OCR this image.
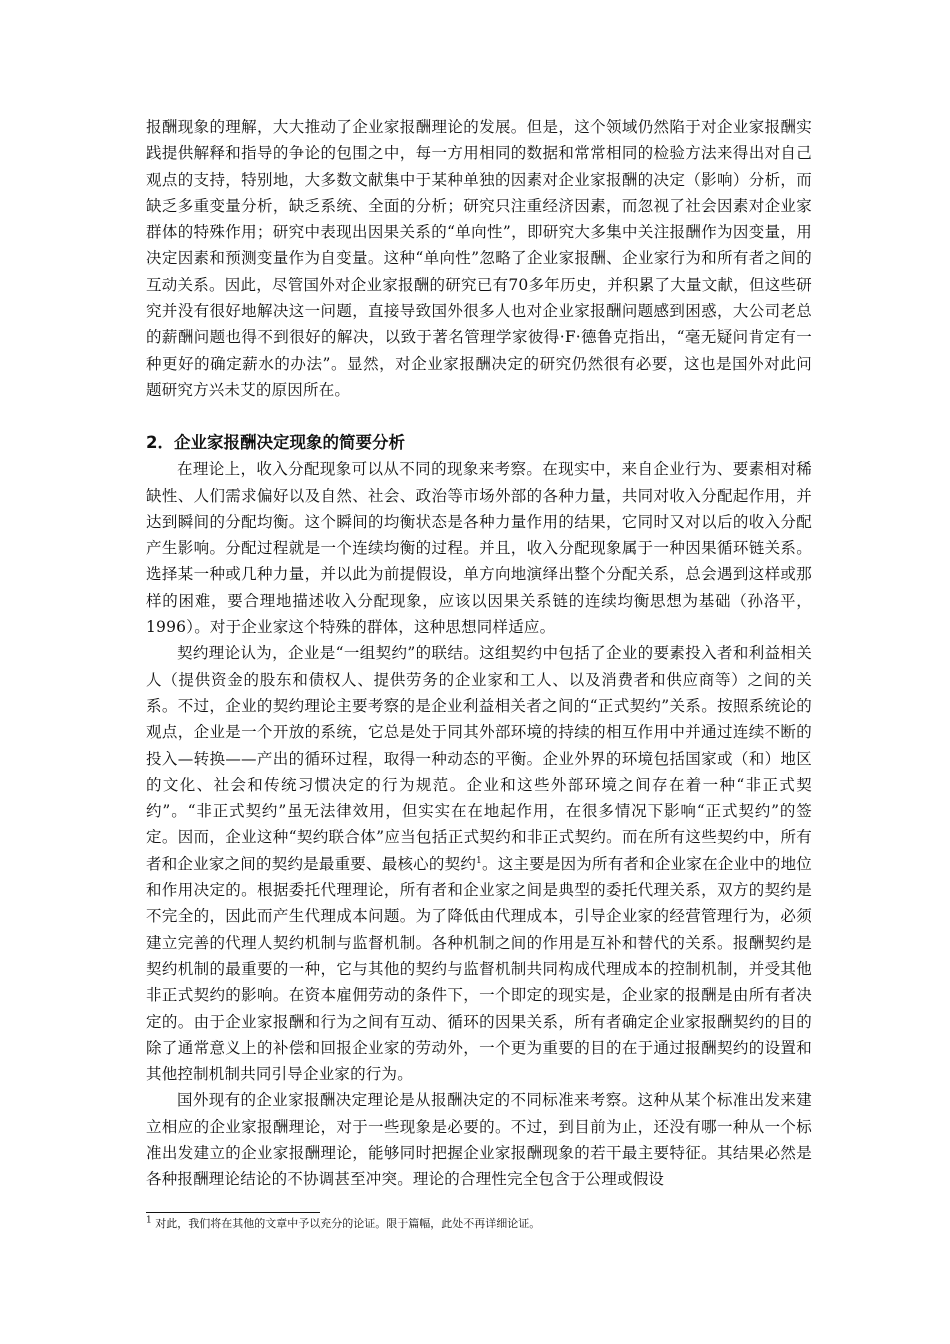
报酬现象的理解，大大推动了企业家报酬理论的发展。但是，这个领域仍然陷于对企业家报酬实践提供解释和指导的争论的包围之中，每一方用相同的数据和常常相同的检验方法来得出对自己观点的支持，特别地，大多数文献集中于某种单独的因素对企业家报酬的决定（影响）分析，而缺乏多重变量分析，缺乏系统、全面的分析；研究只注重经济因素，而忽视了社会因素对企业家群体的特殊作用；研究中表现出因果关系的“单向性”，即研究大多集中关注报酬作为因变量，用决定因素和预测变量作为自变量。这种“单向性”忽略了企业家报酬、企业家行为和所有者之间的互动关系。因此，尽管国外对企业家报酬的研究已有70多年历史，并积累了大量文献，但这些研究并没有很好地解决这一问题，直接导致国外很多人也对企业家报酬问题感到困惑，大公司老总的薪酬问题也得不到很好的解决，以致于著名管理学家彼得·F·德鲁克指出，“毫无疑问肯定有一种更好的确定薪水的办法”。显然，对企业家报酬决定的研究仍然很有必要，这也是国外对此问题研究方兴未艾的原因所在。

2．企业家报酬决定现象的简要分析

在理论上，收入分配现象可以从不同的现象来考察。在现实中，来自企业行为、要素相对稀缺性、人们需求偏好以及自然、社会、政治等市场外部的各种力量，共同对收入分配起作用，并达到瞬间的分配均衡。这个瞬间的均衡状态是各种力量作用的结果，它同时又对以后的收入分配产生影响。分配过程就是一个连续均衡的过程。并且，收入分配现象属于一种因果循环链关系。选择某一种或几种力量，并以此为前提假设，单方向地演绎出整个分配关系，总会遇到这样或那样的困难，要合理地描述收入分配现象，应该以因果关系链的连续均衡思想为基础（孙洛平，1996）。对于企业家这个特殊的群体，这种思想同样适应。

契约理论认为，企业是“一组契约”的联结。这组契约中包括了企业的要素投入者和利益相关人（提供资金的股东和债权人、提供劳务的企业家和工人、以及消费者和供应商等）之间的关系。不过，企业的契约理论主要考察的是企业利益相关者之间的“正式契约”关系。按照系统论的观点，企业是一个开放的系统，它总是处于同其外部环境的持续的相互作用中并通过连续不断的投入—转换——产出的循环过程，取得一种动态的平衡。企业外界的环境包括国家或（和）地区的文化、社会和传统习惯决定的行为规范。企业和这些外部环境之间存在着一种“非正式契约”。“非正式契约”虽无法律效用，但实实在在地起作用，在很多情况下影响“正式契约”的签定。因而，企业这种“契约联合体”应当包括正式契约和非正式契约。而在所有这些契约中，所有者和企业家之间的契约是最重要、最核心的契约$^1$。这主要是因为所有者和企业家在企业中的地位和作用决定的。根据委托代理理论，所有者和企业家之间是典型的委托代理关系，双方的契约是不完全的，因此而产生代理成本问题。为了降低由代理成本，引导企业家的经营管理行为，必须建立完善的代理人契约机制与监督机制。各种机制之间的作用是互补和替代的关系。报酬契约是契约机制的最重要的一种，它与其他的契约与监督机制共同构成代理成本的控制机制，并受其他非正式契约的影响。在资本雇佣劳动的条件下，一个即定的现实是，企业家的报酬是由所有者决定的。由于企业家报酬和行为之间有互动、循环的因果关系，所有者确定企业家报酬契约的目的除了通常意义上的补偿和回报企业家的劳动外，一个更为重要的目的在于通过报酬契约的设置和其他控制机制共同引导企业家的行为。

国外现有的企业家报酬决定理论是从报酬决定的不同标准来考察。这种从某个标准出发来建立相应的企业家报酬理论，对于一些现象是必要的。不过，到目前为止，还没有哪一种从一个标准出发建立的企业家报酬理论，能够同时把握企业家报酬现象的若干最主要特征。其结果必然是各种报酬理论结论的不协调甚至冲突。理论的合理性完全包含于公理或假设

$^1$ 对此，我们将在其他的文章中予以充分的论证。限于篇幅，此处不再详细论证。
